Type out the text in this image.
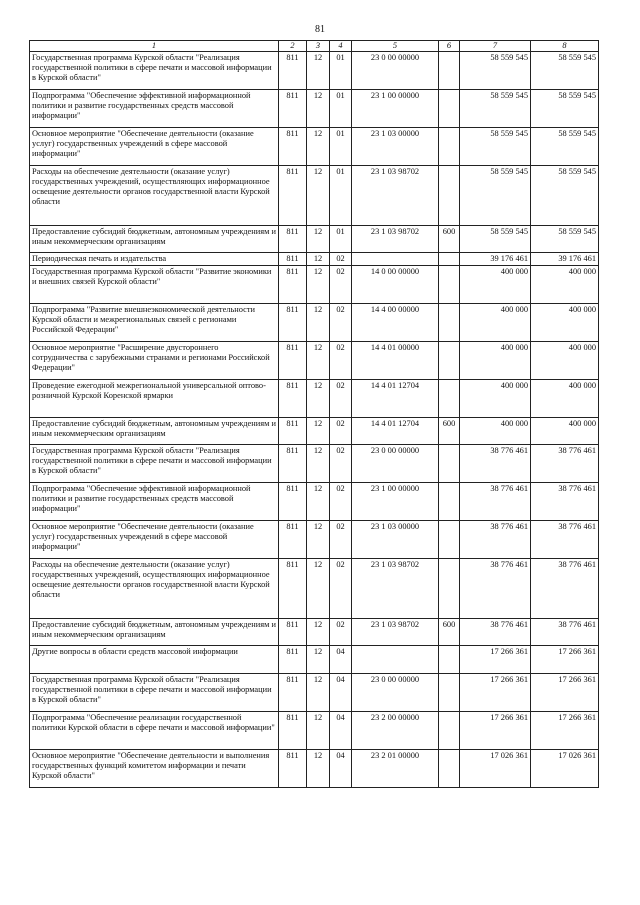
81
1	2	3	4	5	6	7	8
Государственная программа Курской области "Реализация государственной политики в сфере печати и массовой информации в Курской области"	811	12	01	23 0 00 00000		58 559 545	58 559 545
Подпрограмма "Обеспечение эффективной информационной политики и развитие государственных средств массовой информации"	811	12	01	23 1 00 00000		58 559 545	58 559 545
Основное мероприятие "Обеспечение деятельности (оказание услуг) государственных учреждений в сфере массовой информации"	811	12	01	23 1 03 00000		58 559 545	58 559 545
Расходы на обеспечение деятельности (оказание услуг) государственных учреждений, осуществляющих информационное освещение деятельности органов государственной власти Курской области	811	12	01	23 1 03 98702		58 559 545	58 559 545
Предоставление субсидий бюджетным, автономным учреждениям и иным некоммерческим организациям	811	12	01	23 1 03 98702	600	58 559 545	58 559 545
Периодическая печать и издательства	811	12	02			39 176 461	39 176 461
Государственная программа Курской области "Развитие экономики и внешних связей Курской области"	811	12	02	14 0 00 00000		400 000	400 000
Подпрограмма "Развитие внешнеэкономической деятельности Курской области и межрегиональных связей с регионами Российской Федерации"	811	12	02	14 4 00 00000		400 000	400 000
Основное мероприятие "Расширение двустороннего сотрудничества с зарубежными странами и регионами Российской Федерации"	811	12	02	14 4 01 00000		400 000	400 000
Проведение ежегодной межрегиональной универсальной оптово-розничной Курской Коренской ярмарки	811	12	02	14 4 01 12704		400 000	400 000
Предоставление субсидий бюджетным, автономным учреждениям и иным некоммерческим организациям	811	12	02	14 4 01 12704	600	400 000	400 000
Государственная программа Курской области "Реализация государственной политики в сфере печати и массовой информации в Курской области"	811	12	02	23 0 00 00000		38 776 461	38 776 461
Подпрограмма "Обеспечение эффективной информационной политики и развитие государственных средств массовой информации"	811	12	02	23 1 00 00000		38 776 461	38 776 461
Основное мероприятие "Обеспечение деятельности (оказание услуг) государственных учреждений в сфере массовой информации"	811	12	02	23 1 03 00000		38 776 461	38 776 461
Расходы на обеспечение деятельности (оказание услуг) государственных учреждений, осуществляющих информационное освещение деятельности органов государственной власти Курской области	811	12	02	23 1 03 98702		38 776 461	38 776 461
Предоставление субсидий бюджетным, автономным учреждениям и иным некоммерческим организациям	811	12	02	23 1 03 98702	600	38 776 461	38 776 461
Другие вопросы в области средств массовой информации	811	12	04			17 266 361	17 266 361
Государственная программа Курской области "Реализация государственной политики в сфере печати и массовой информации в Курской области"	811	12	04	23 0 00 00000		17 266 361	17 266 361
Подпрограмма "Обеспечение реализации государственной политики Курской области в сфере печати и массовой информации"	811	12	04	23 2 00 00000		17 266 361	17 266 361
Основное мероприятие "Обеспечение деятельности и выполнения государственных функций комитетом информации и печати Курской области"	811	12	04	23 2 01 00000		17 026 361	17 026 361
